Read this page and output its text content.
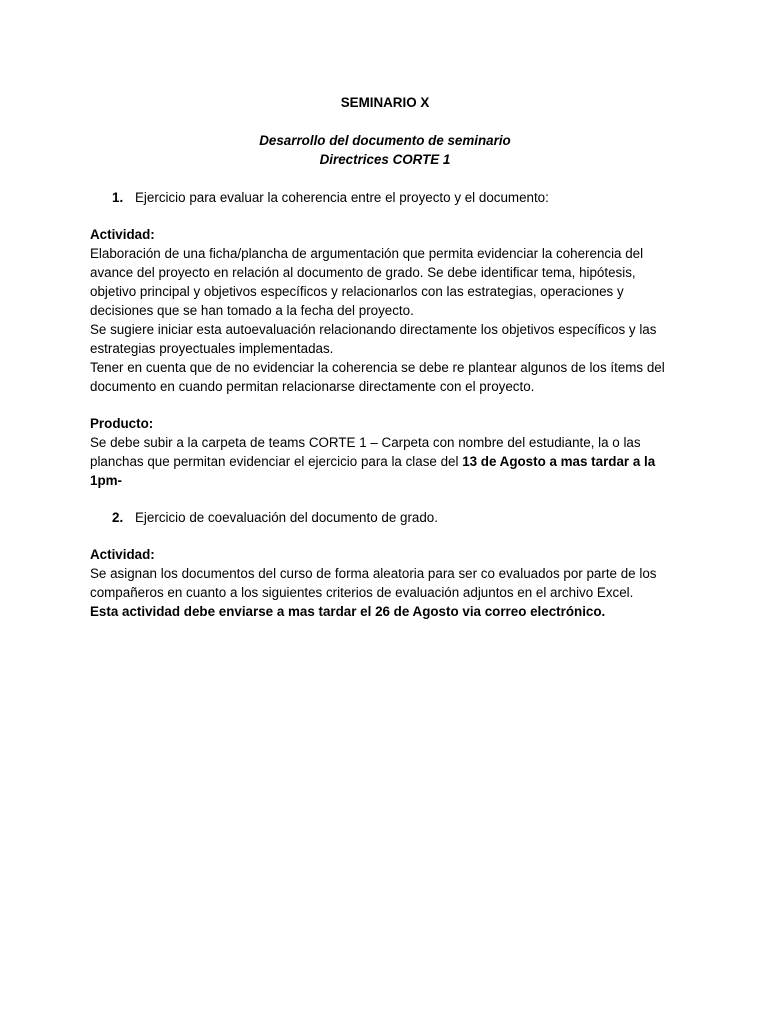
SEMINARIO X

Desarrollo del documento de seminario

Directrices CORTE 1

1. Ejercicio para evaluar la coherencia entre el proyecto y el documento:

Actividad:

Elaboración de una ficha/plancha de argumentación que permita evidenciar la coherencia del avance del proyecto en relación al documento de grado. Se debe identificar tema, hipótesis, objetivo principal y objetivos específicos y relacionarlos con las estrategias, operaciones y decisiones que se han tomado a la fecha del proyecto.

Se sugiere iniciar esta autoevaluación relacionando directamente los objetivos específicos y las estrategias proyectuales implementadas.

Tener en cuenta que de no evidenciar la coherencia se debe re plantear algunos de los ítems del documento en cuando permitan relacionarse directamente con el proyecto.

Producto:

Se debe subir a la carpeta de teams CORTE 1 – Carpeta con nombre del estudiante, la o las planchas que permitan evidenciar el ejercicio para la clase del 13 de Agosto a mas tardar a la 1pm-

2. Ejercicio de coevaluación del documento de grado.

Actividad:

Se asignan los documentos del curso de forma aleatoria para ser co evaluados por parte de los compañeros en cuanto a los siguientes criterios de evaluación adjuntos en el archivo Excel.

Esta actividad debe enviarse a mas tardar el 26 de Agosto via correo electrónico.
